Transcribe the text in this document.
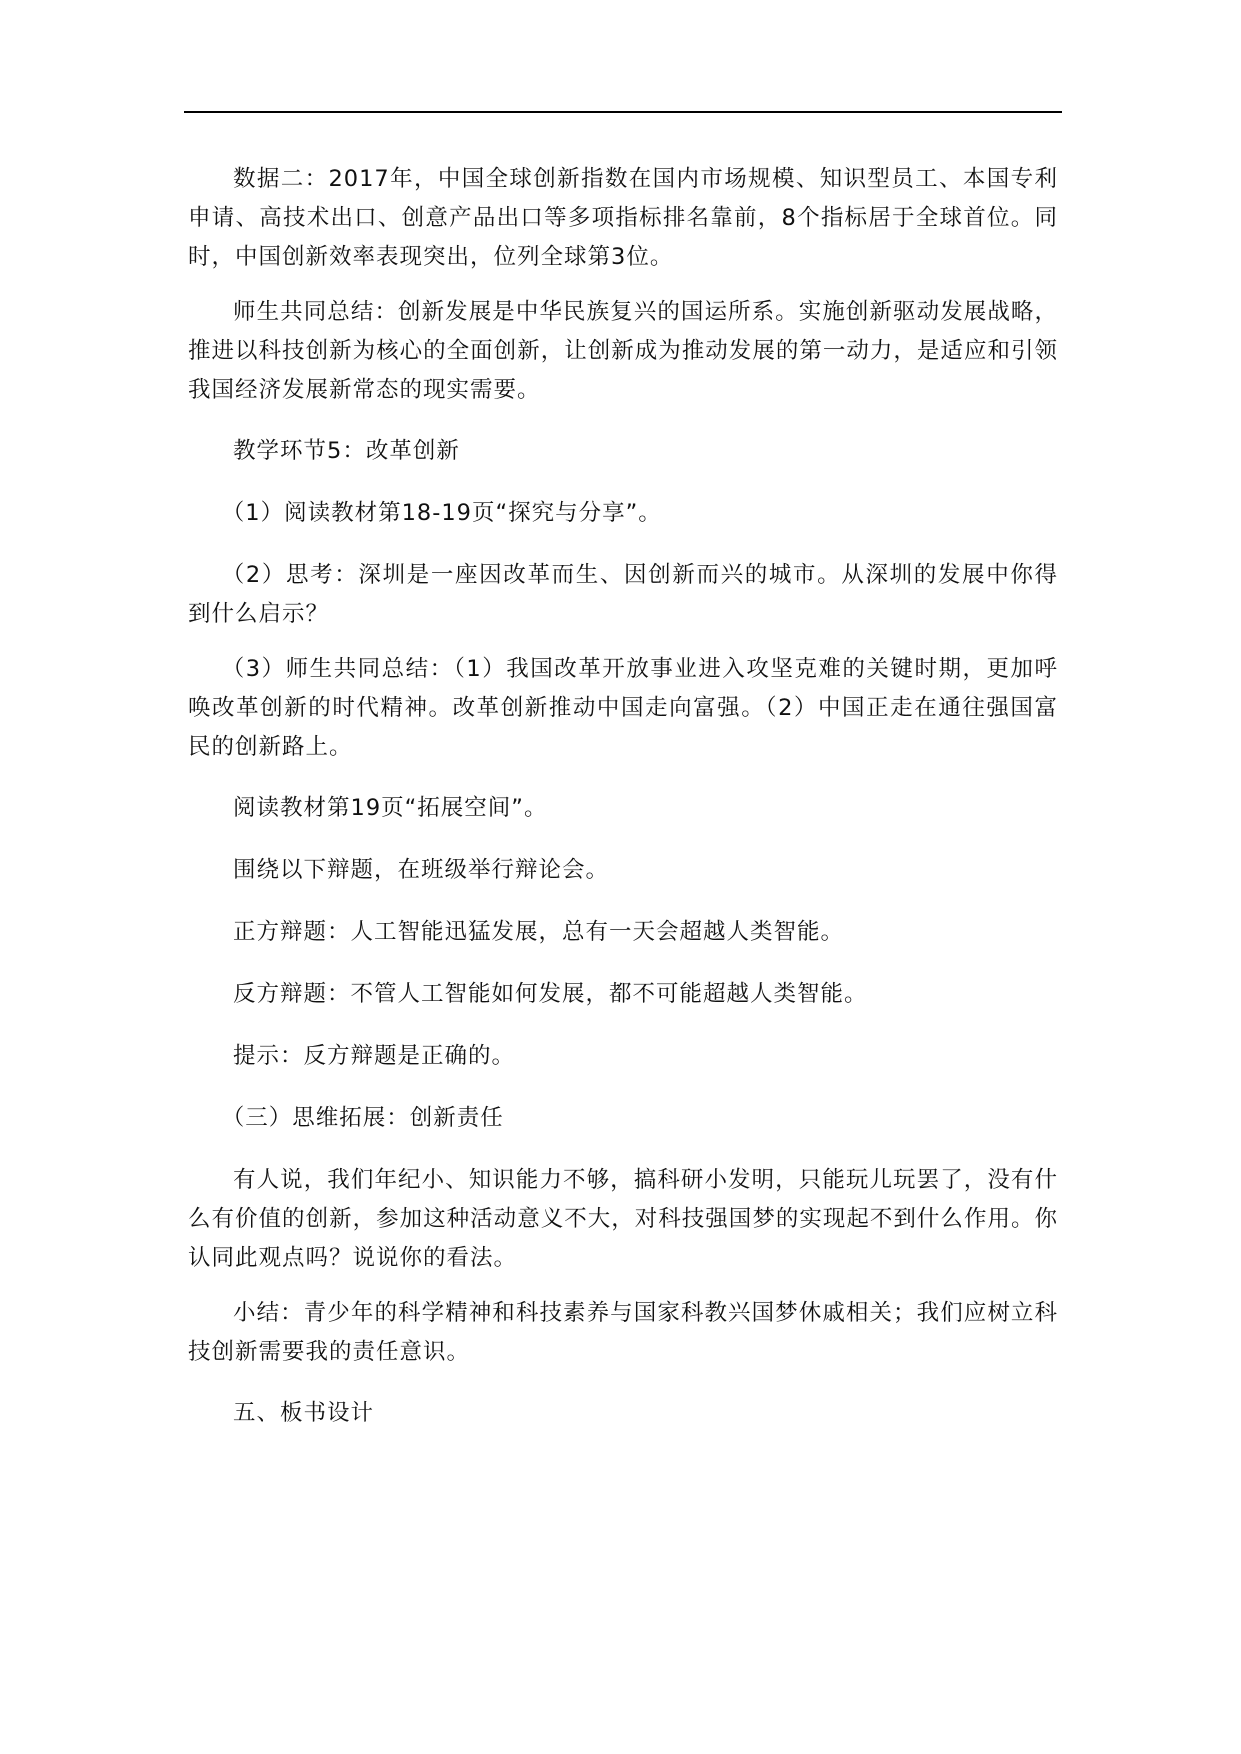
数据二：2017年，中国全球创新指数在国内市场规模、知识型员工、本国专利申请、高技术出口、创意产品出口等多项指标排名靠前，8个指标居于全球首位。同时，中国创新效率表现突出，位列全球第3位。

师生共同总结：创新发展是中华民族复兴的国运所系。实施创新驱动发展战略，推进以科技创新为核心的全面创新，让创新成为推动发展的第一动力，是适应和引领我国经济发展新常态的现实需要。

教学环节5：改革创新

（1）阅读教材第18-19页“探究与分享”。

（2）思考：深圳是一座因改革而生、因创新而兴的城市。从深圳的发展中你得到什么启示？

（3）师生共同总结：（1）我国改革开放事业进入攻坚克难的关键时期，更加呼唤改革创新的时代精神。改革创新推动中国走向富强。（2）中国正走在通往强国富民的创新路上。

阅读教材第19页“拓展空间”。

围绕以下辩题，在班级举行辩论会。

正方辩题：人工智能迅猛发展，总有一天会超越人类智能。

反方辩题：不管人工智能如何发展，都不可能超越人类智能。

提示：反方辩题是正确的。

（三）思维拓展：创新责任

有人说，我们年纪小、知识能力不够，搞科研小发明，只能玩儿玩罢了，没有什么有价值的创新，参加这种活动意义不大，对科技强国梦的实现起不到什么作用。你认同此观点吗？说说你的看法。

小结：青少年的科学精神和科技素养与国家科教兴国梦休戚相关；我们应树立科技创新需要我的责任意识。

五、板书设计
